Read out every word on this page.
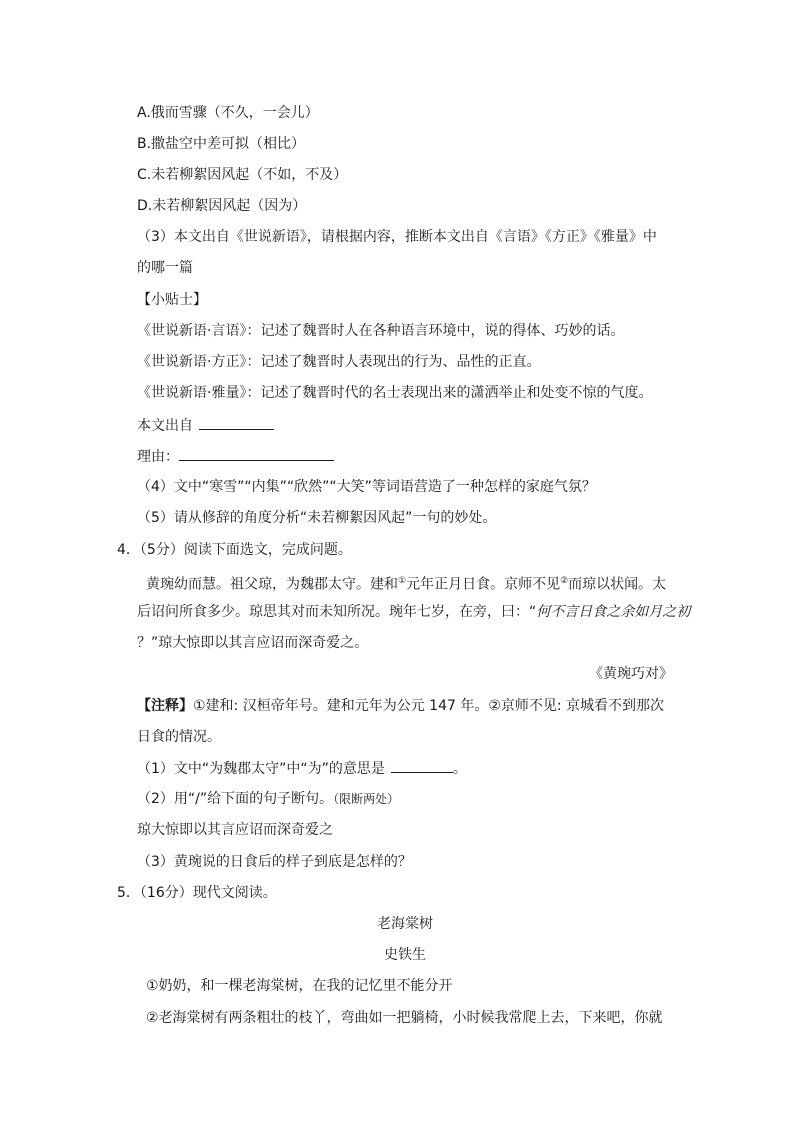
A.俄而雪骤（不久，一会儿）
B.撒盐空中差可拟（相比）
C.未若柳絮因风起（不如，不及）
D.未若柳絮因风起（因为）
（3）本文出自《世说新语》，请根据内容，推断本文出自《言语》《方正》《雅量》中
的哪一篇
【小贴士】
《世说新语·言语》：记述了魏晋时人在各种语言环境中，说的得体、巧妙的话。
《世说新语·方正》：记述了魏晋时人表现出的行为、品性的正直。
《世说新语·雅量》：记述了魏晋时代的名士表现出来的潇洒举止和处变不惊的气度。
本文出自
理由：
（4）文中“寒雪”“内集”“欣然”“大笑”等词语营造了一种怎样的家庭气氛？
（5）请从修辞的角度分析“未若柳絮因风起”一句的妙处。
4．（5分）阅读下面选文，完成问题。
黄琬幼而慧。祖父琼，为魏郡太守。建和①元年正月日食。京师不见②而琼以状闻。太
后诏问所食多少。琼思其对而未知所况。琬年七岁，在旁，曰：“何不言日食之余如月之初
？”琼大惊即以其言应诏而深奇爱之。
《黄琬巧对》
【注释】①建和: 汉桓帝年号。建和元年为公元 147 年。②京师不见: 京城看不到那次
日食的情况。
（1）文中“为魏郡太守”中“为”的意思是	。
（2）用“/”给下面的句子断句。（限断两处）
琼大惊即以其言应诏而深奇爱之
（3）黄琬说的日食后的样子到底是怎样的？
5．（16分）现代文阅读。
老海棠树
史铁生
①奶奶，和一棵老海棠树，在我的记忆里不能分开
②老海棠树有两条粗壮的枝丫，弯曲如一把躺椅，小时候我常爬上去，下来吧，你就
